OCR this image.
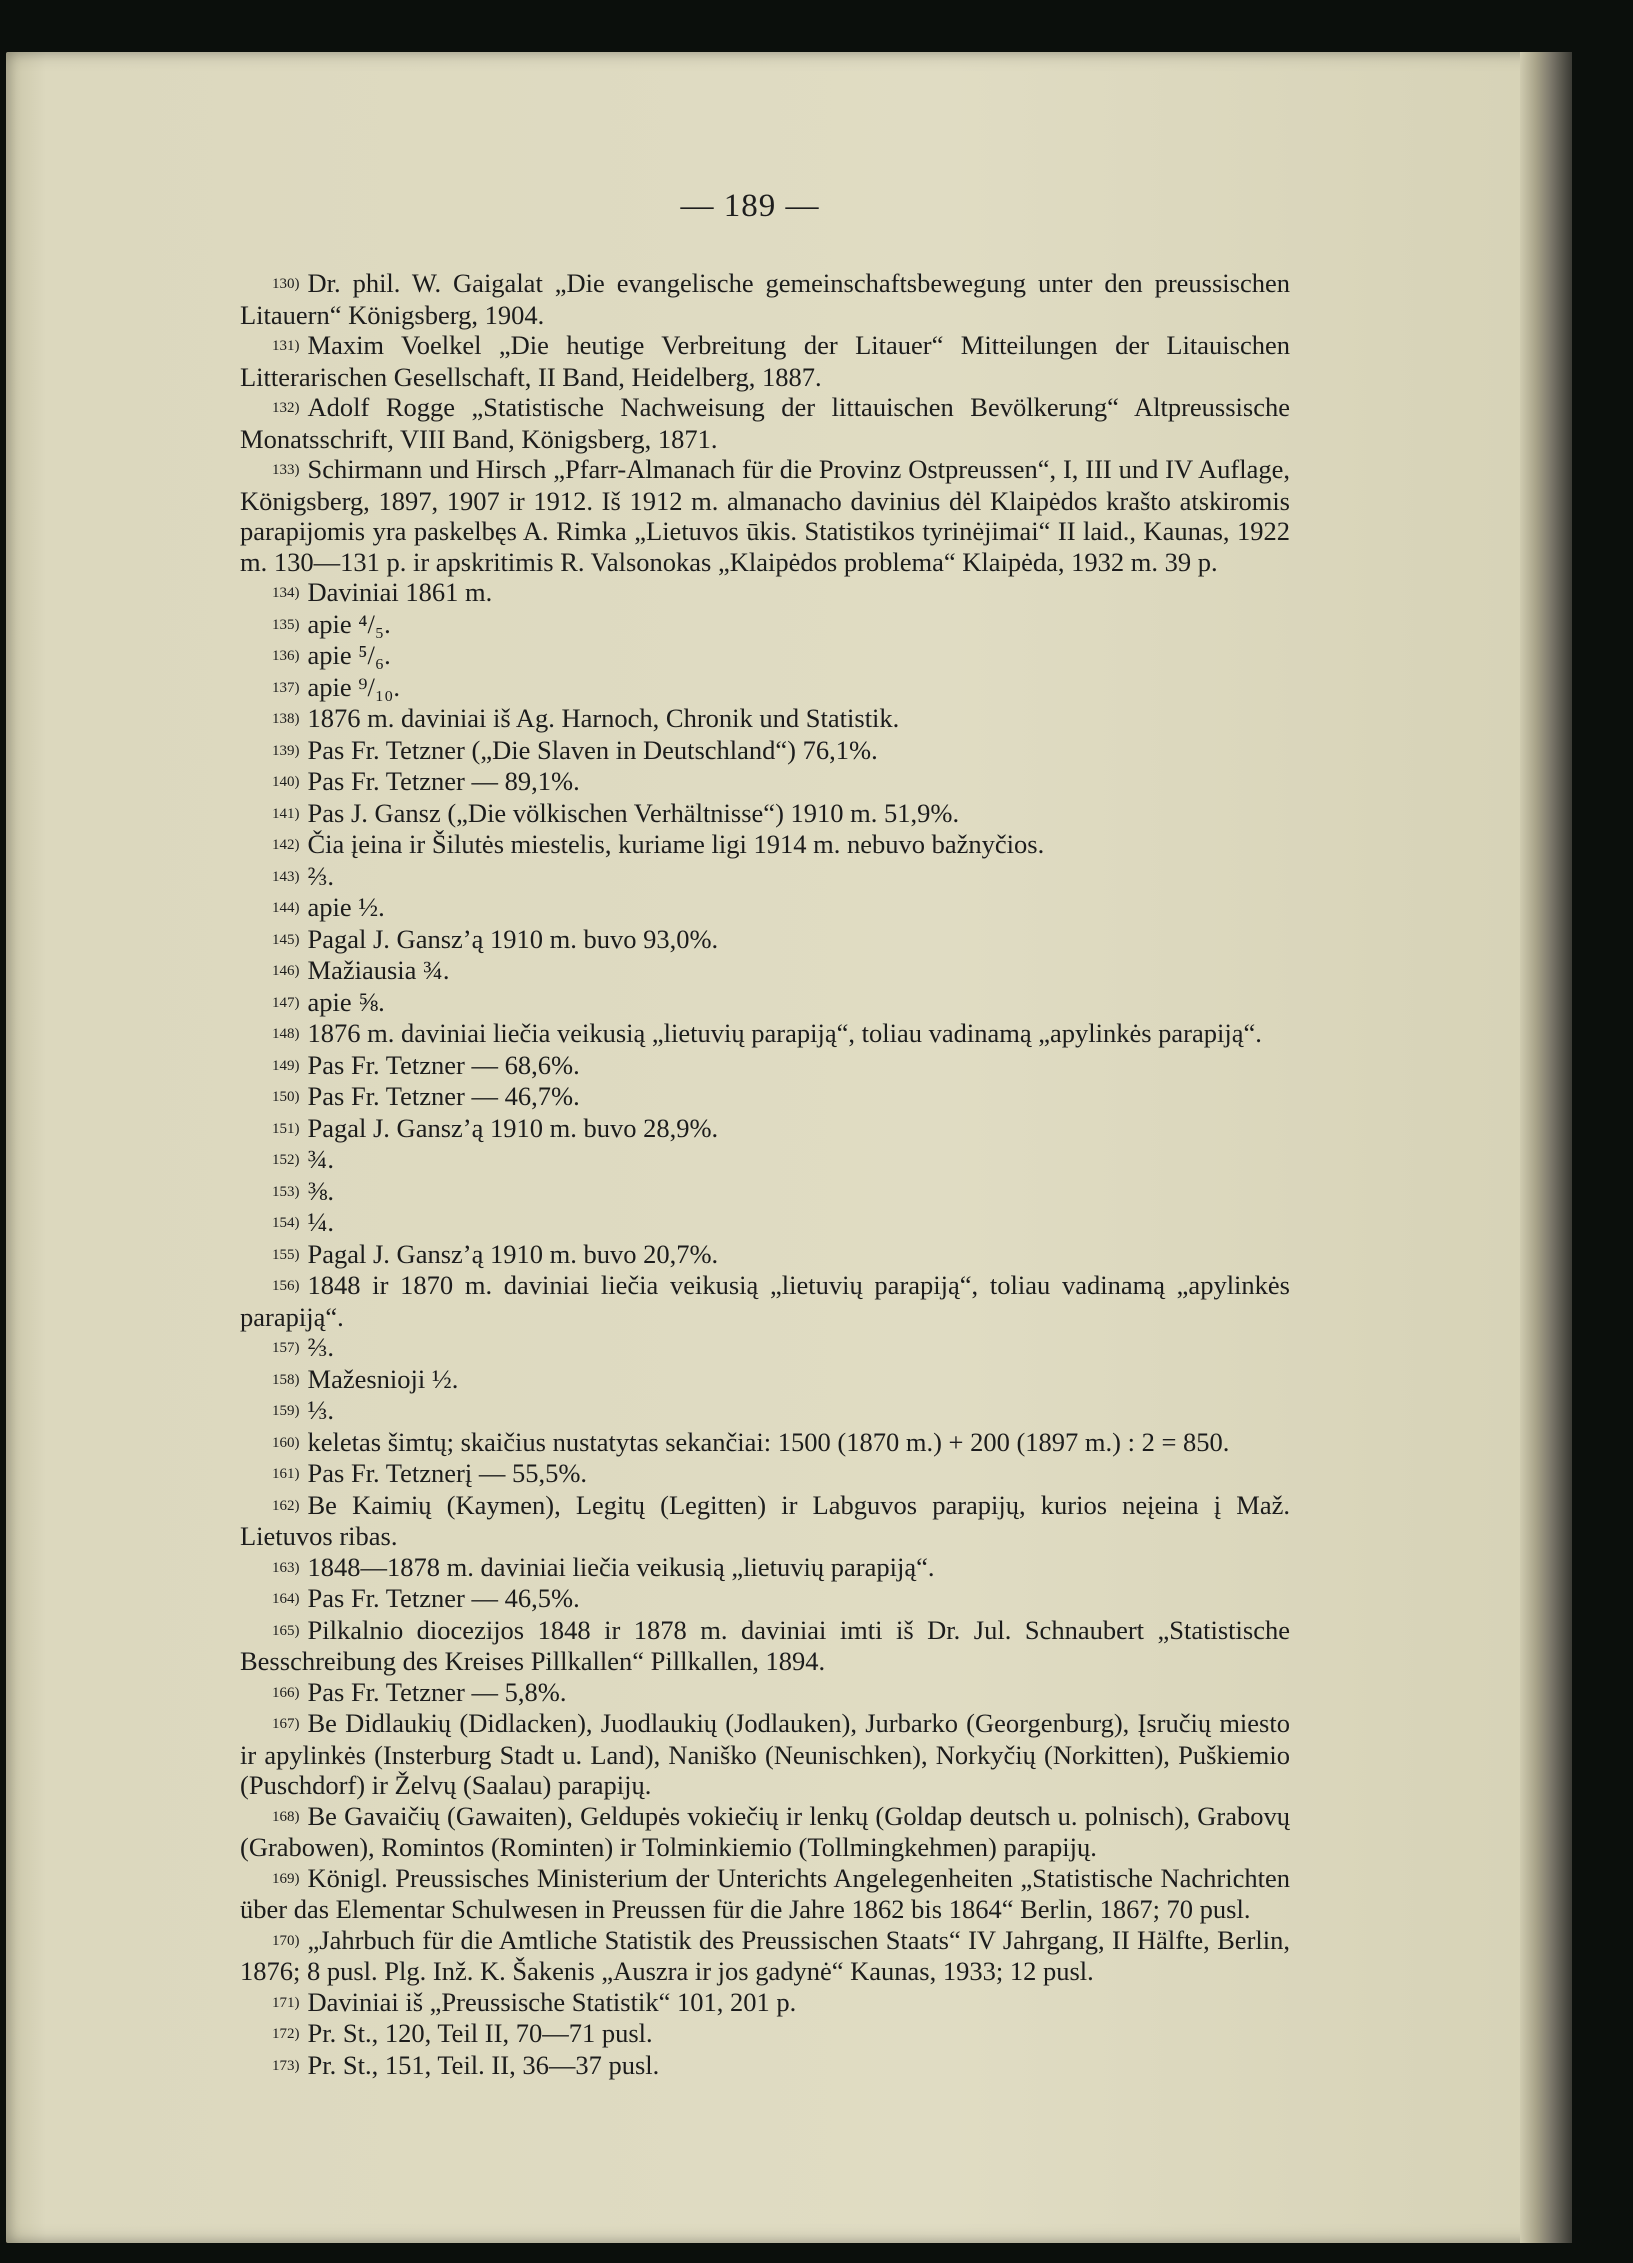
— 189 —
130) Dr. phil. W. Gaigalat „Die evangelische gemeinschaftsbewegung unter den preussischen Litauern“ Königsberg, 1904.
131) Maxim Voelkel „Die heutige Verbreitung der Litauer“ Mitteilungen der Litauischen Litterarischen Gesellschaft, II Band, Heidelberg, 1887.
132) Adolf Rogge „Statistische Nachweisung der littauischen Bevölkerung“ Altpreussische Monatsschrift, VIII Band, Königsberg, 1871.
133) Schirmann und Hirsch „Pfarr-Almanach für die Provinz Ostpreussen“, I, III und IV Auflage, Königsberg, 1897, 1907 ir 1912. Iš 1912 m. almanacho davinius dėl Klaipėdos krašto atskiromis parapijomis yra paskelbęs A. Rimka „Lietuvos ūkis. Statistikos tyrinėjimai“ II laid., Kaunas, 1922 m. 130—131 p. ir apskritimis R. Valsonokas „Klaipėdos problema“ Klaipėda, 1932 m. 39 p.
134) Daviniai 1861 m.
135) apie ⁴/₅.
136) apie ⁵/₆.
137) apie ⁹/₁₀.
138) 1876 m. daviniai iš Ag. Harnoch, Chronik und Statistik.
139) Pas Fr. Tetzner („Die Slaven in Deutschland“) 76,1%.
140) Pas Fr. Tetzner — 89,1%.
141) Pas J. Gansz („Die völkischen Verhältnisse“) 1910 m. 51,9%.
142) Čia įeina ir Šilutės miestelis, kuriame ligi 1914 m. nebuvo bažnyčios.
143) ⅔.
144) apie ½.
145) Pagal J. Gansz’ą 1910 m. buvo 93,0%.
146) Mažiausia ¾.
147) apie ⅝.
148) 1876 m. daviniai liečia veikusią „lietuvių parapiją“, toliau vadinamą „apylinkės parapiją“.
149) Pas Fr. Tetzner — 68,6%.
150) Pas Fr. Tetzner — 46,7%.
151) Pagal J. Gansz’ą 1910 m. buvo 28,9%.
152) ¾.
153) ⅜.
154) ¼.
155) Pagal J. Gansz’ą 1910 m. buvo 20,7%.
156) 1848 ir 1870 m. daviniai liečia veikusią „lietuvių parapiją“, toliau vadinamą „apylinkės parapiją“.
157) ⅔.
158) Mažesnioji ½.
159) ⅓.
160) keletas šimtų; skaičius nustatytas sekančiai: 1500 (1870 m.) + 200 (1897 m.) : 2 = 850.
161) Pas Fr. Tetznerį — 55,5%.
162) Be Kaimių (Kaymen), Legitų (Legitten) ir Labguvos parapijų, kurios neįeina į Maž. Lietuvos ribas.
163) 1848—1878 m. daviniai liečia veikusią „lietuvių parapiją“.
164) Pas Fr. Tetzner — 46,5%.
165) Pilkalnio diocezijos 1848 ir 1878 m. daviniai imti iš Dr. Jul. Schnaubert „Statistische Besschreibung des Kreises Pillkallen“ Pillkallen, 1894.
166) Pas Fr. Tetzner — 5,8%.
167) Be Didlaukių (Didlacken), Juodlaukių (Jodlauken), Jurbarko (Georgenburg), Įsručių miesto ir apylinkės (Insterburg Stadt u. Land), Naniško (Neunischken), Norkyčių (Norkitten), Puškiemio (Puschdorf) ir Želvų (Saalau) parapijų.
168) Be Gavaičių (Gawaiten), Geldupės vokiečių ir lenkų (Goldap deutsch u. polnisch), Grabovų (Grabowen), Romintos (Rominten) ir Tolminkiemio (Tollmingkehmen) parapijų.
169) Königl. Preussisches Ministerium der Unterichts Angelegenheiten „Statistische Nachrichten über das Elementar Schulwesen in Preussen für die Jahre 1862 bis 1864“ Berlin, 1867; 70 pusl.
170) „Jahrbuch für die Amtliche Statistik des Preussischen Staats“ IV Jahrgang, II Hälfte, Berlin, 1876; 8 pusl. Plg. Inž. K. Šakenis „Auszra ir jos gadynė“ Kaunas, 1933; 12 pusl.
171) Daviniai iš „Preussische Statistik“ 101, 201 p.
172) Pr. St., 120, Teil II, 70—71 pusl.
173) Pr. St., 151, Teil. II, 36—37 pusl.
